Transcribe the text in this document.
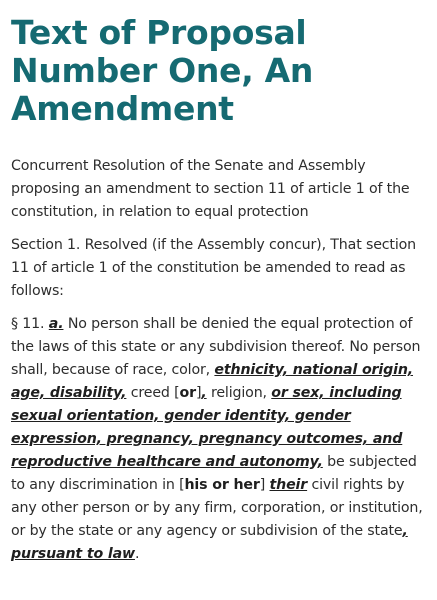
Text of Proposal Number One, An Amendment

Concurrent Resolution of the Senate and Assembly proposing an amendment to section 11 of article 1 of the constitution, in relation to equal protection

Section 1. Resolved (if the Assembly concur), That section 11 of article 1 of the constitution be amended to read as follows:

§ 11. a. No person shall be denied the equal protection of the laws of this state or any subdivision thereof. No person shall, because of race, color, ethnicity, national origin, age, disability, creed [or], religion, or sex, including sexual orientation, gender identity, gender expression, pregnancy, pregnancy outcomes, and reproductive healthcare and autonomy, be subjected to any discrimination in [his or her] their civil rights by any other person or by any firm, corporation, or institution, or by the state or any agency or subdivision of the state, pursuant to law.
